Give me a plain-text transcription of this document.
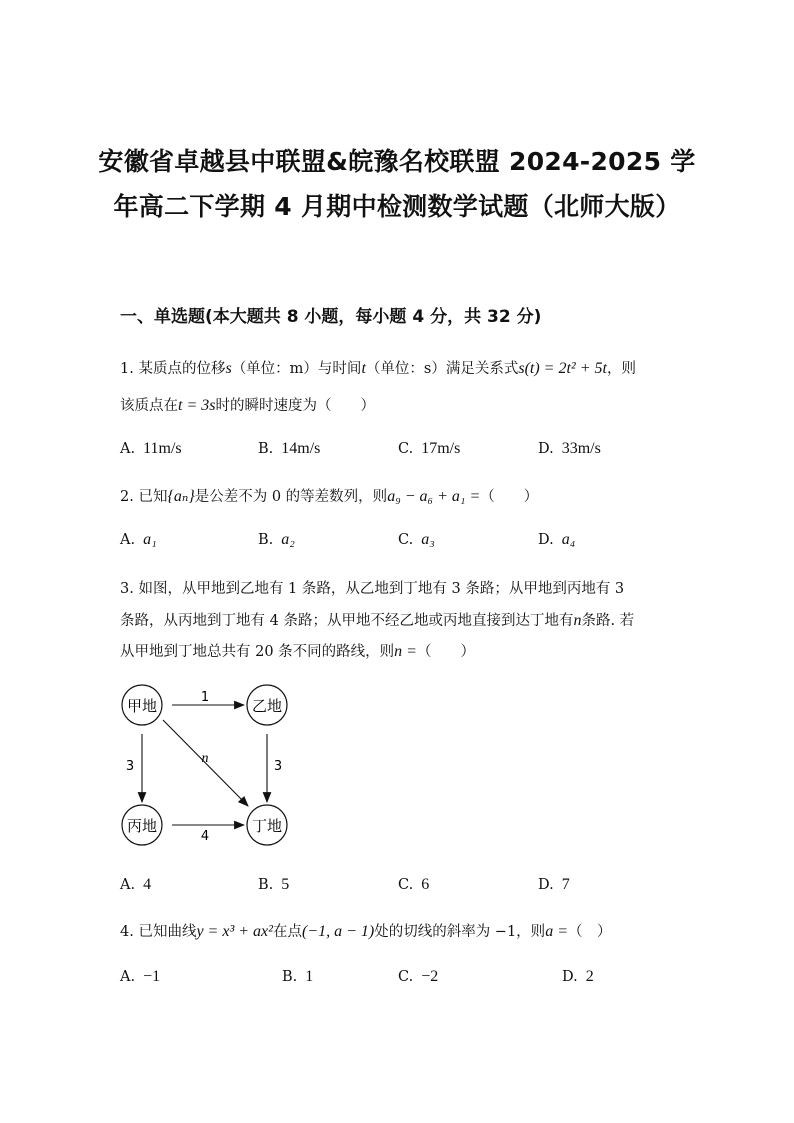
安徽省卓越县中联盟&皖豫名校联盟 2024-2025 学
年高二下学期 4 月期中检测数学试题（北师大版）
一、单选题(本大题共 8 小题，每小题 4 分，共 32 分)
1. 某质点的位移s（单位：m）与时间t（单位：s）满足关系式s(t) = 2t² + 5t，则
该质点在t = 3s时的瞬时速度为（　　）
A. 11m/s	B. 14m/s	C. 17m/s	D. 33m/s
2. 已知{aₙ}是公差不为 0 的等差数列，则a₉ − a₆ + a₁ =（　　）
A. a₁	B. a₂	C. a₃	D. a₄
3. 如图，从甲地到乙地有 1 条路，从乙地到丁地有 3 条路；从甲地到丙地有 3
条路，从丙地到丁地有 4 条路；从甲地不经乙地或丙地直接到达丁地有n条路. 若
从甲地到丁地总共有 20 条不同的路线，则n =（　　）
甲地	乙地
丙地	丁地
1
3	3
4
n
A. 4	B. 5	C. 6	D. 7
4. 已知曲线y = x³ + ax²在点(−1, a − 1)处的切线的斜率为 −1，则a =（　）
A. −1	B. 1	C. −2	D. 2
